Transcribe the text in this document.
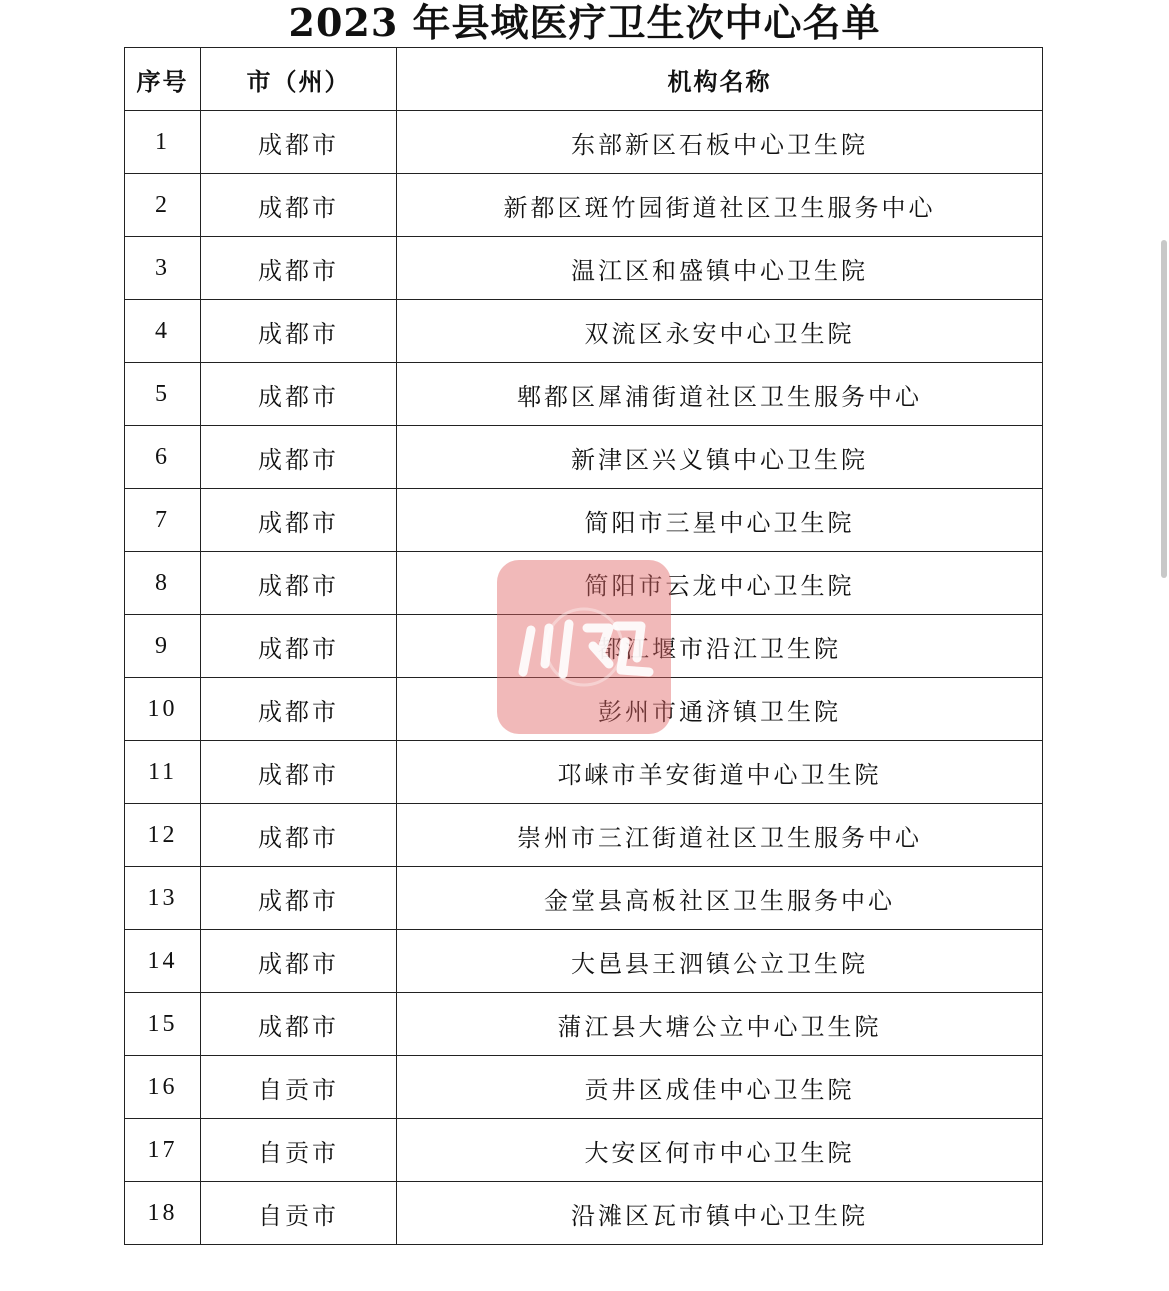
2023 年县域医疗卫生次中心名单
序号	市（州）	机构名称
1	成都市	东部新区石板中心卫生院
2	成都市	新都区斑竹园街道社区卫生服务中心
3	成都市	温江区和盛镇中心卫生院
4	成都市	双流区永安中心卫生院
5	成都市	郫都区犀浦街道社区卫生服务中心
6	成都市	新津区兴义镇中心卫生院
7	成都市	简阳市三星中心卫生院
8	成都市	简阳市云龙中心卫生院
9	成都市	都江堰市沿江卫生院
10	成都市	彭州市通济镇卫生院
11	成都市	邛崃市羊安街道中心卫生院
12	成都市	崇州市三江街道社区卫生服务中心
13	成都市	金堂县高板社区卫生服务中心
14	成都市	大邑县王泗镇公立卫生院
15	成都市	蒲江县大塘公立中心卫生院
16	自贡市	贡井区成佳中心卫生院
17	自贡市	大安区何市中心卫生院
18	自贡市	沿滩区瓦市镇中心卫生院
